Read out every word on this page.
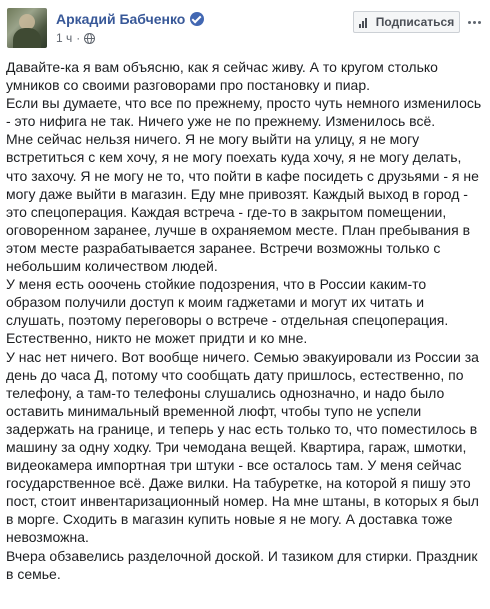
Аркадий Бабченко
1 ч ·
Подписаться

Давайте-ка я вам объясню, как я сейчас живу. А то кругом столько умников со своими разговорами про постановку и пиар.

Если вы думаете, что все по прежнему, просто чуть немного изменилось - это нифига не так. Ничего уже не по прежнему. Изменилось всё.

Мне сейчас нельзя ничего. Я не могу выйти на улицу, я не могу встретиться с кем хочу, я не могу поехать куда хочу, я не могу делать, что захочу. Я не могу не то, что пойти в кафе посидеть с друзьями - я не могу даже выйти в магазин. Еду мне привозят. Каждый выход в город - это спецоперация. Каждая встреча - где-то в закрытом помещении, оговоренном заранее, лучше в охраняемом месте. План пребывания в этом месте разрабатывается заранее. Встречи возможны только с небольшим количеством людей.

У меня есть ооочень стойкие подозрения, что в России каким-то образом получили доступ к моим гаджетами и могут их читать и слушать, поэтому переговоры о встрече - отдельная спецоперация. Естественно, никто не может придти и ко мне.

У нас нет ничего. Вот вообще ничего. Семью эвакуировали из России за день до часа Д, потому что сообщать дату пришлось, естественно, по телефону, а там-то телефоны слушались однозначно, и надо было оставить минимальный временной люфт, чтобы тупо не успели задержать на границе, и теперь у нас есть только то, что поместилось в машину за одну ходку. Три чемодана вещей. Квартира, гараж, шмотки, видеокамера импортная три штуки - все осталось там. У меня сейчас государственное всё. Даже вилки. На табуретке, на которой я пишу это пост, стоит инвентаризационный номер. На мне штаны, в которых я был в морге. Сходить в магазин купить новые я не могу. А доставка тоже невозможна.

Вчера обзавелись разделочной доской. И тазиком для стирки. Праздник в семье.
